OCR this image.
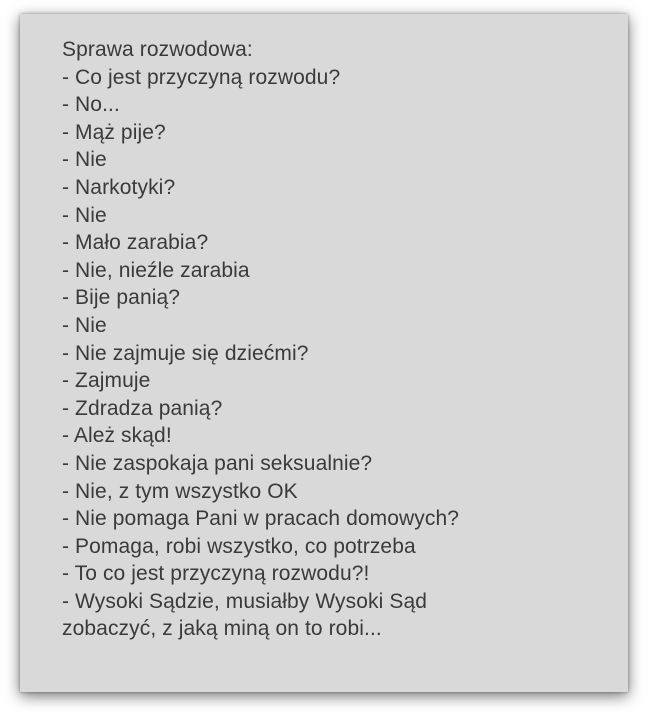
Sprawa rozwodowa:
- Co jest przyczyną rozwodu?
- No...
- Mąż pije?
- Nie
- Narkotyki?
- Nie
- Mało zarabia?
- Nie, nieźle zarabia
- Bije panią?
- Nie
- Nie zajmuje się dziećmi?
- Zajmuje
- Zdradza panią?
- Ależ skąd!
- Nie zaspokaja pani seksualnie?
- Nie, z tym wszystko OK
- Nie pomaga Pani w pracach domowych?
- Pomaga, robi wszystko, co potrzeba
- To co jest przyczyną rozwodu?!
- Wysoki Sądzie, musiałby Wysoki Sąd
zobaczyć, z jaką miną on to robi...
